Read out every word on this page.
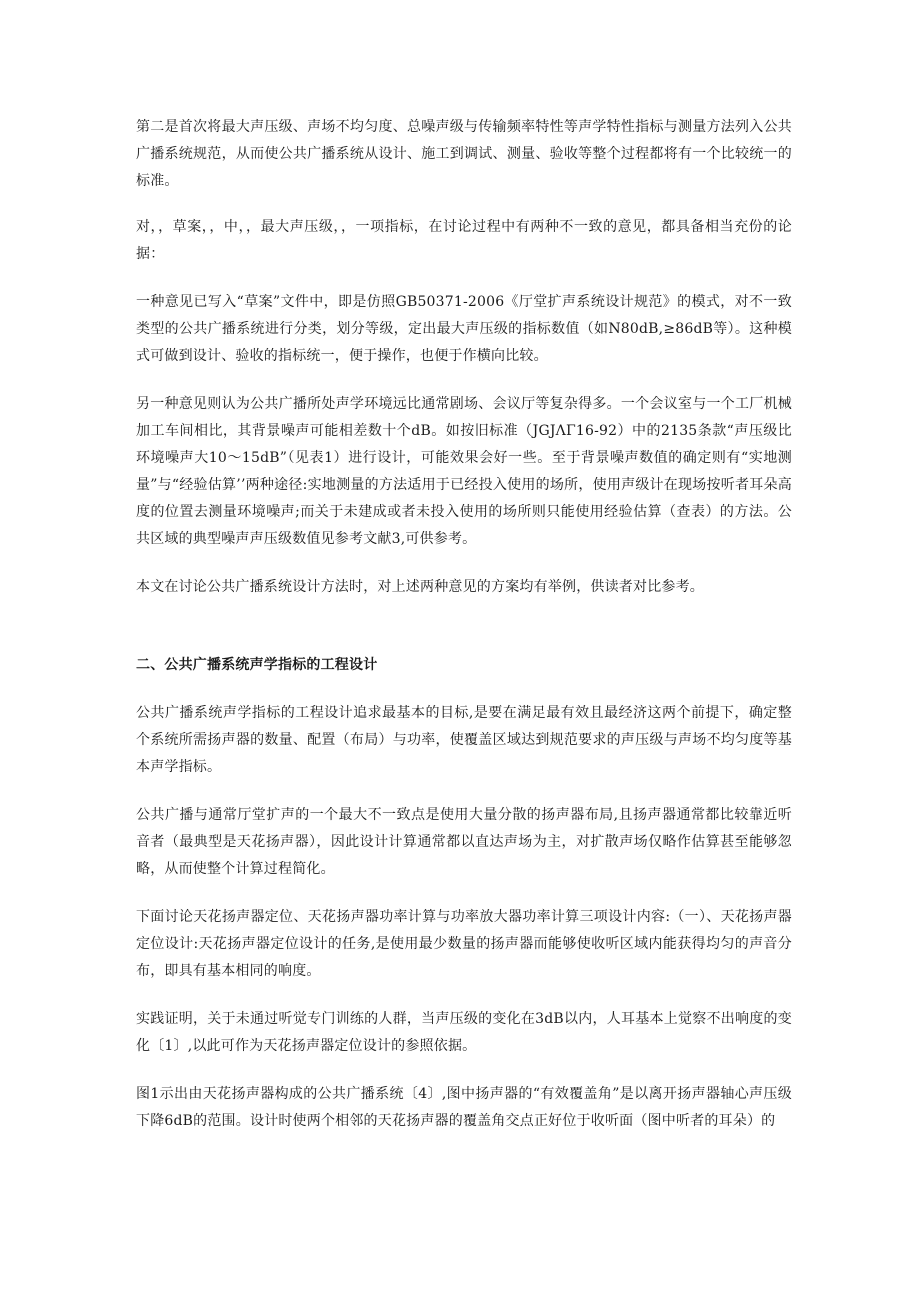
第二是首次将最大声压级、声场不均匀度、总噪声级与传输频率特性等声学特性指标与测量方法列入公共广播系统规范，从而使公共广播系统从设计、施工到调试、测量、验收等整个过程都将有一个比较统一的标准。

对，，草案，，中，，最大声压级，，一项指标，在讨论过程中有两种不一致的意见，都具备相当充份的论据：

一种意见已写入“草案”文件中，即是仿照GB50371-2006《厅堂扩声系统设计规范》的模式，对不一致类型的公共广播系统进行分类，划分等级，定出最大声压级的指标数值（如N80dB,≥86dB等）。这种模式可做到设计、验收的指标统一，便于操作，也便于作横向比较。

另一种意见则认为公共广播所处声学环境远比通常剧场、会议厅等复杂得多。一个会议室与一个工厂机械加工车间相比，其背景噪声可能相差数十个dB。如按旧标准（JGJΛΓ16-92）中的2135条款“声压级比环境噪声大10～15dB”（见表1）进行设计，可能效果会好一些。至于背景噪声数值的确定则有“实地测量”与“经验估算’’两种途径:实地测量的方法适用于已经投入使用的场所，使用声级计在现场按听者耳朵高度的位置去测量环境噪声;而关于未建成或者未投入使用的场所则只能使用经验估算（查表）的方法。公共区域的典型噪声声压级数值见参考文献3,可供参考。

本文在讨论公共广播系统设计方法时，对上述两种意见的方案均有举例，供读者对比参考。

二、公共广播系统声学指标的工程设计

公共广播系统声学指标的工程设计追求最基本的目标,是要在满足最有效且最经济这两个前提下，确定整个系统所需扬声器的数量、配置（布局）与功率，使覆盖区域达到规范要求的声压级与声场不均匀度等基本声学指标。

公共广播与通常厅堂扩声的一个最大不一致点是使用大量分散的扬声器布局,且扬声器通常都比较靠近听音者（最典型是天花扬声器），因此设计计算通常都以直达声场为主，对扩散声场仅略作估算甚至能够忽略，从而使整个计算过程简化。

下面讨论天花扬声器定位、天花扬声器功率计算与功率放大器功率计算三项设计内容:（一）、天花扬声器定位设计:天花扬声器定位设计的任务,是使用最少数量的扬声器而能够使收听区域内能获得均匀的声音分布，即具有基本相同的响度。

实践证明，关于未通过听觉专门训练的人群，当声压级的变化在3dB以内，人耳基本上觉察不出响度的变化〔1〕,以此可作为天花扬声器定位设计的参照依据。

图1示出由天花扬声器构成的公共广播系统〔4〕,图中扬声器的“有效覆盖角”是以离开扬声器轴心声压级下降6dB的范围。设计时使两个相邻的天花扬声器的覆盖角交点正好位于收听面（图中听者的耳朵）的
